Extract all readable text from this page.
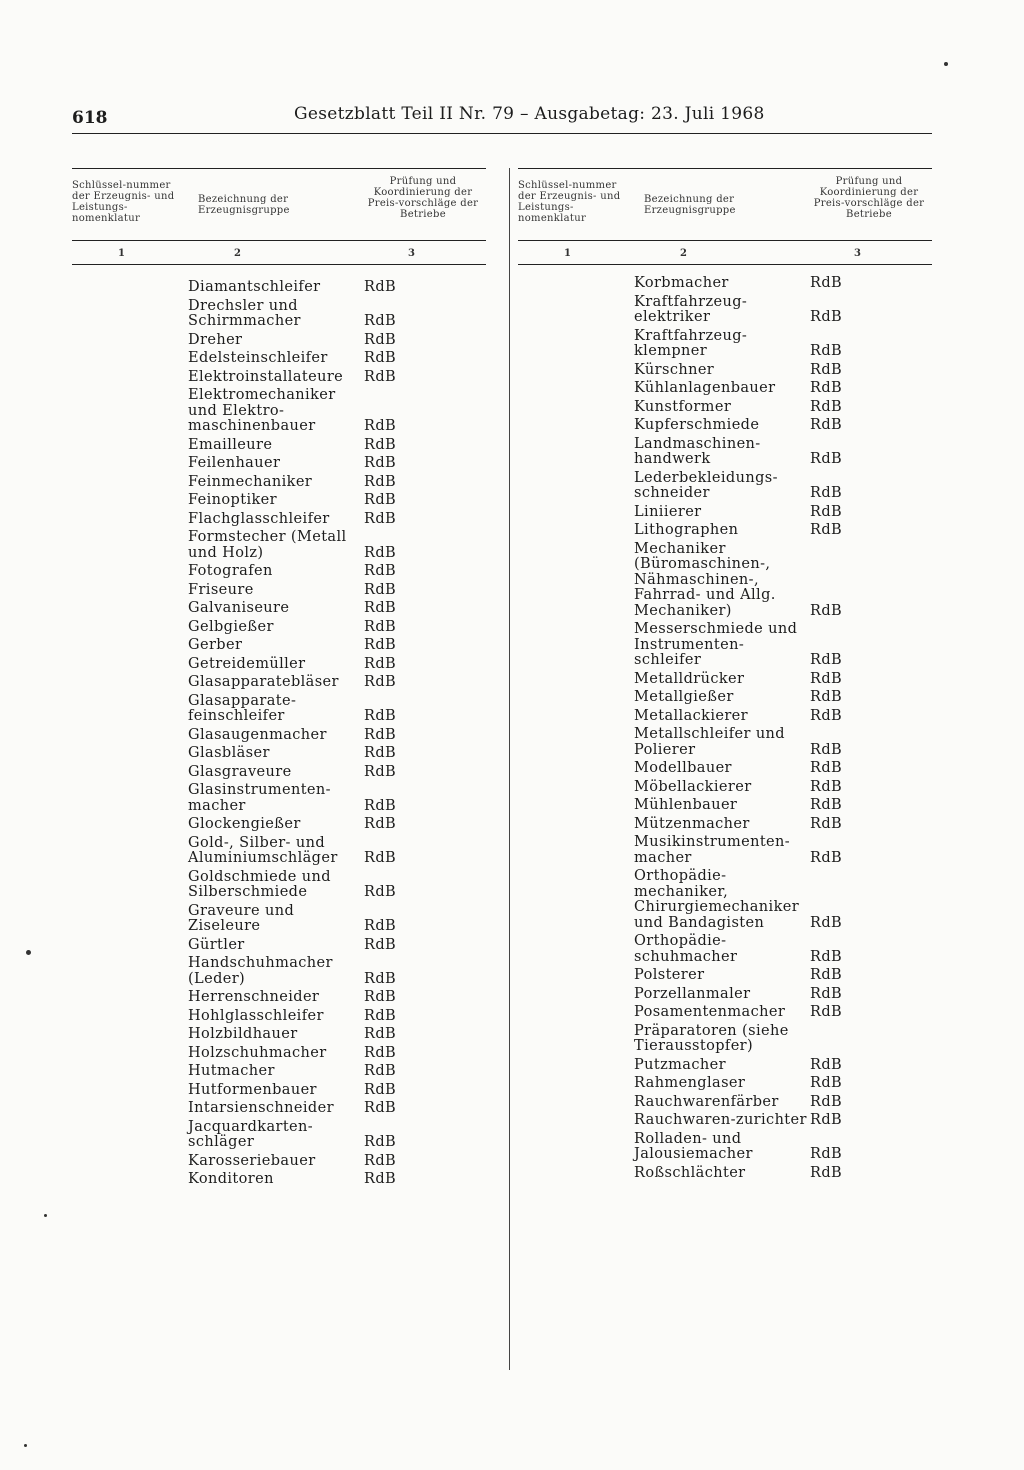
618	Gesetzblatt Teil II Nr. 79 – Ausgabetag: 23. Juli 1968
Schlüssel-nummer der Erzeugnis- und Leistungs-nomenklatur
Bezeichnung der Erzeugnisgruppe
Prüfung und Koordinierung der Preis-vorschläge der Betriebe
1	2	3
Diamantschleifer	RdB
Drechsler und Schirmmacher	RdB
Dreher	RdB
Edelsteinschleifer	RdB
Elektroinstallateure	RdB
Elektromechaniker und Elektro-maschinenbauer	RdB
Emailleure	RdB
Feilenhauer	RdB
Feinmechaniker	RdB
Feinoptiker	RdB
Flachglasschleifer	RdB
Formstecher (Metall und Holz)	RdB
Fotografen	RdB
Friseure	RdB
Galvaniseure	RdB
Gelbgießer	RdB
Gerber	RdB
Getreidemüller	RdB
Glasapparatebläser	RdB
Glasapparate-feinschleifer	RdB
Glasaugenmacher	RdB
Glasbläser	RdB
Glasgraveure	RdB
Glasinstrumenten-macher	RdB
Glockengießer	RdB
Gold-, Silber- und Aluminiumschläger	RdB
Goldschmiede und Silberschmiede	RdB
Graveure und Ziseleure	RdB
Gürtler	RdB
Handschuhmacher (Leder)	RdB
Herrenschneider	RdB
Hohlglasschleifer	RdB
Holzbildhauer	RdB
Holzschuhmacher	RdB
Hutmacher	RdB
Hutformenbauer	RdB
Intarsienschneider	RdB
Jacquardkarten-schläger	RdB
Karosseriebauer	RdB
Konditoren	RdB
Schlüssel-nummer der Erzeugnis- und Leistungs-nomenklatur
Bezeichnung der Erzeugnisgruppe
Prüfung und Koordinierung der Preis-vorschläge der Betriebe
1	2	3
Korbmacher	RdB
Kraftfahrzeug-elektriker	RdB
Kraftfahrzeug-klempner	RdB
Kürschner	RdB
Kühlanlagenbauer	RdB
Kunstformer	RdB
Kupferschmiede	RdB
Landmaschinen-handwerk	RdB
Lederbekleidungs-schneider	RdB
Liniierer	RdB
Lithographen	RdB
Mechaniker (Büromaschinen-, Nähmaschinen-, Fahrrad- und Allg. Mechaniker)	RdB
Messerschmiede und Instrumenten-schleifer	RdB
Metalldrücker	RdB
Metallgießer	RdB
Metallackierer	RdB
Metallschleifer und Polierer	RdB
Modellbauer	RdB
Möbellackierer	RdB
Mühlenbauer	RdB
Mützenmacher	RdB
Musikinstrumenten-macher	RdB
Orthopädie-mechaniker, Chirurgiemechaniker und Bandagisten	RdB
Orthopädie-schuhmacher	RdB
Polsterer	RdB
Porzellanmaler	RdB
Posamentenmacher	RdB
Präparatoren (siehe Tierausstopfer)
Putzmacher	RdB
Rahmenglaser	RdB
Rauchwarenfärber	RdB
Rauchwaren-zurichter RdB
Rolladen- und Jalousiemacher	RdB
Roßschlächter	RdB
